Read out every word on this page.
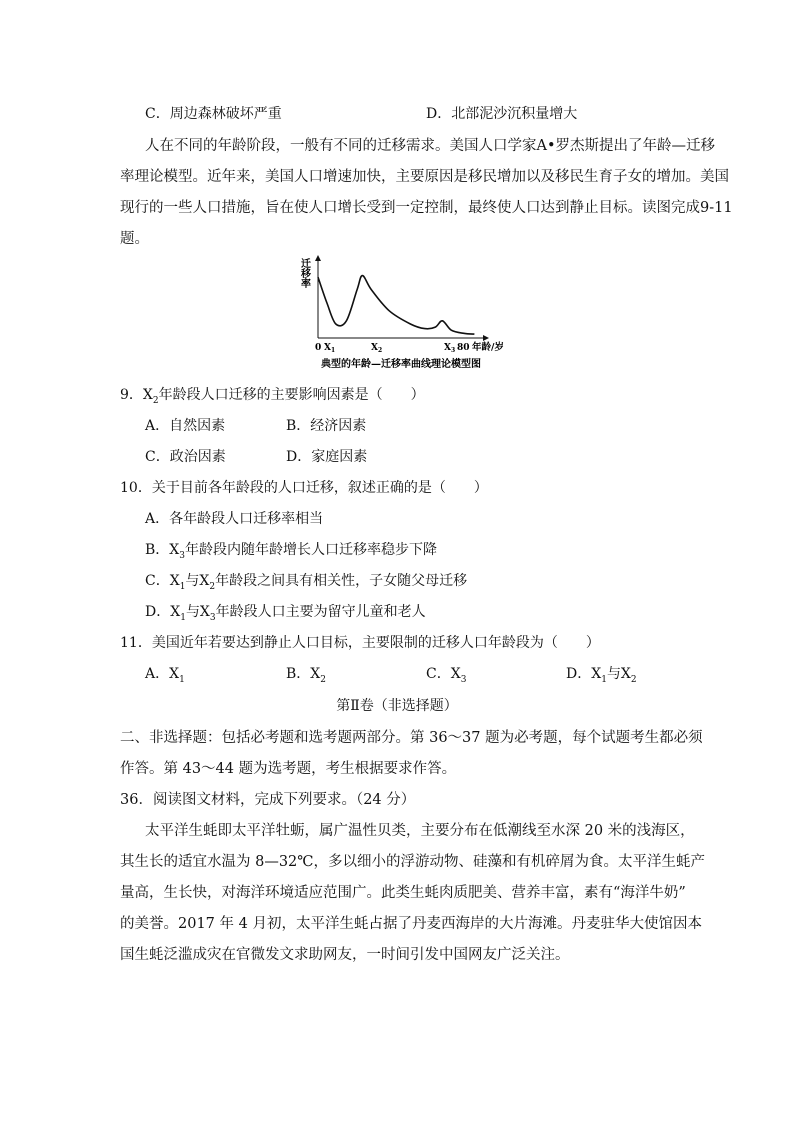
C．周边森林破坏严重	D．北部泥沙沉积量增大
人在不同的年龄阶段，一般有不同的迁移需求。美国人口学家A•罗杰斯提出了年龄—迁移
率理论模型。近年来，美国人口增速加快，主要原因是移民增加以及移民生育子女的增加。美国
现行的一些人口措施，旨在使人口增长受到一定控制，最终使人口达到静止目标。读图完成9-11
题。
迁移率
0 $X_1$	$X_2$	$X_3$ 80 年龄/岁
典型的年龄—迁移率曲线理论模型图
9．$X_2$年龄段人口迁移的主要影响因素是（　　）
A．自然因素	B．经济因素
C．政治因素	D．家庭因素
10．关于目前各年龄段的人口迁移，叙述正确的是（　　）
A．各年龄段人口迁移率相当
B．$X_3$年龄段内随年龄增长人口迁移率稳步下降
C．$X_1$与$X_2$年龄段之间具有相关性，子女随父母迁移
D．$X_1$与$X_3$年龄段人口主要为留守儿童和老人
11．美国近年若要达到静止人口目标，主要限制的迁移人口年龄段为（　　）
A．$X_1$	B．$X_2$	C．$X_3$	D．$X_1$与$X_2$
第Ⅱ卷（非选择题）
二、非选择题：包括必考题和选考题两部分。第 36～37 题为必考题，每个试题考生都必须
作答。第 43～44 题为选考题，考生根据要求作答。
36．阅读图文材料，完成下列要求。（24 分）
太平洋生蚝即太平洋牡蛎，属广温性贝类，主要分布在低潮线至水深 20 米的浅海区，
其生长的适宜水温为 8—32℃，多以细小的浮游动物、硅藻和有机碎屑为食。太平洋生蚝产
量高，生长快，对海洋环境适应范围广。此类生蚝肉质肥美、营养丰富，素有“海洋牛奶”
的美誉。2017 年 4 月初，太平洋生蚝占据了丹麦西海岸的大片海滩。丹麦驻华大使馆因本
国生蚝泛滥成灾在官微发文求助网友，一时间引发中国网友广泛关注。
